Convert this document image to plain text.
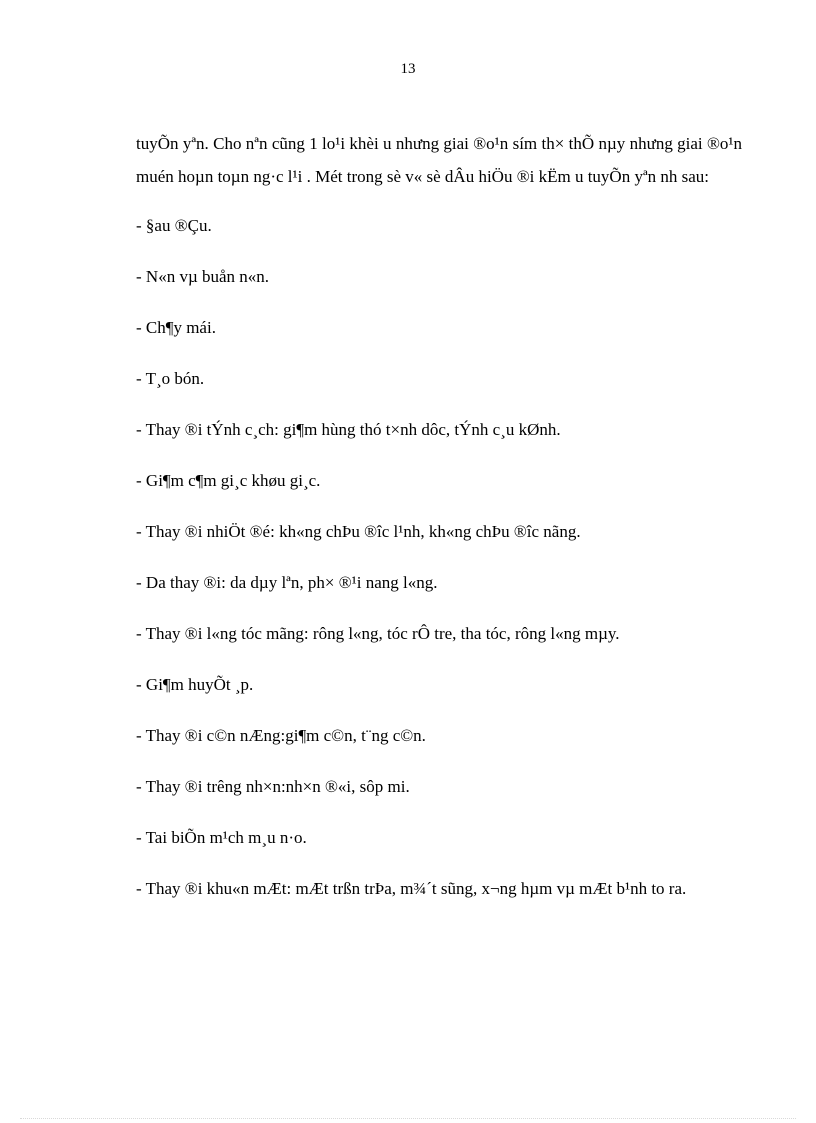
13

tuyÕn yªn. Cho nªn cũng 1 lo¹i khèi u nhưng giai ®o¹n sím th× thÕ nµy nhưng giai ®o¹n muén hoµn toµn ng·c l¹i . Mét trong sè v« sè dÂu hiÖu ®i kËm u tuyÕn yªn nh sau:

- §au ®Çu.

- N«n vµ buån n«n.

- Ch¶y mái.

- T¸o bón.

- Thay ®i tÝnh c¸ch: gi¶m hùng thó t×nh dôc, tÝnh c¸u kØnh.

- Gi¶m c¶m gi¸c khøu gi¸c.

- Thay ®i nhiÖt ®é: kh«ng chÞu ®îc l¹nh, kh«ng chÞu ®îc nãng.

- Da thay ®i: da dµy lªn, ph× ®¹i nang l«ng.

- Thay ®i l«ng tóc mãng: rông l«ng, tóc rÔ tre, tha tóc, rông l«ng mµy.

- Gi¶m huyÕt ¸p.

- Thay ®i c©n nÆng:gi¶m c©n, t¨ng c©n.

- Thay ®i trêng nh×n:nh×n ®«i, sôp mi.

- Tai biÕn m¹ch m¸u n·o.

- Thay ®i khu«n mÆt: mÆt trßn trÞa, m¾´t sũng, x¬ng hµm vµ mÆt b¹nh to ra.
